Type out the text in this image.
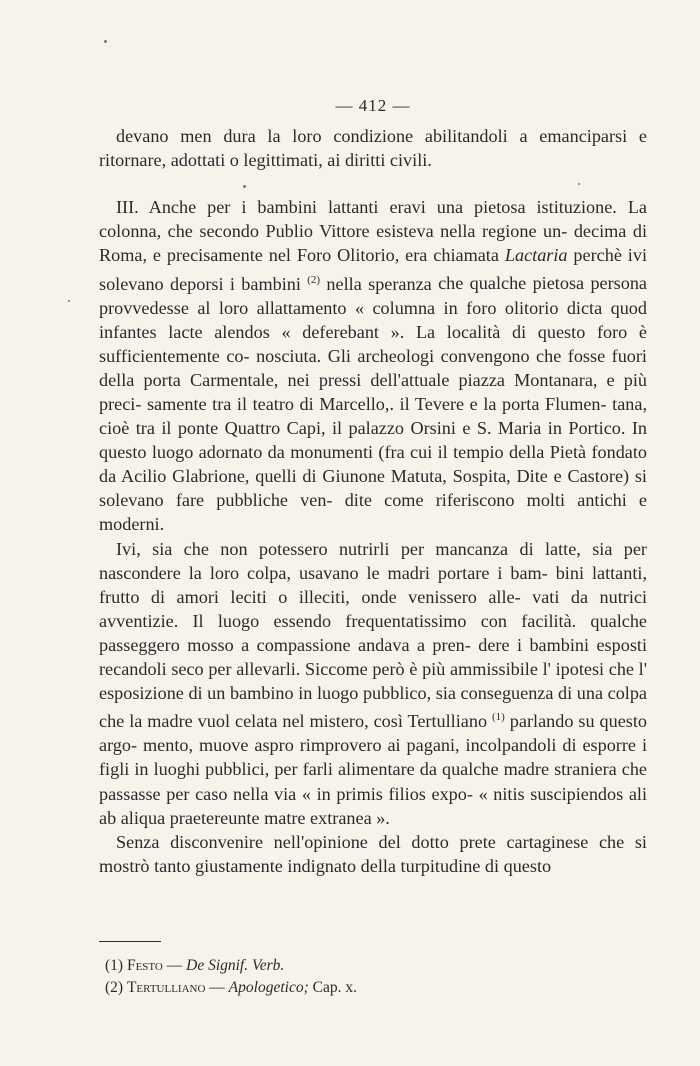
— 412 —

devano men dura la loro condizione abilitandoli a emanciparsi e ritornare, adottati o legittimati, ai diritti civili.

III. Anche per i bambini lattanti eravi una pietosa istituzione. La colonna, che secondo Publio Vittore esisteva nella regione un- decima di Roma, e precisamente nel Foro Olitorio, era chiamata Lactaria perchè ivi solevano deporsi i bambini $^{(2)}$ nella speranza che qualche pietosa persona provvedesse al loro allattamento « columna in foro olitorio dicta quod infantes lacte alendos « deferebant ». La località di questo foro è sufficientemente co- nosciuta. Gli archeologi convengono che fosse fuori della porta Carmentale, nei pressi dell'attuale piazza Montanara, e più preci- samente tra il teatro di Marcello,. il Tevere e la porta Flumen- tana, cioè tra il ponte Quattro Capi, il palazzo Orsini e S. Maria in Portico. In questo luogo adornato da monumenti (fra cui il tempio della Pietà fondato da Acilio Glabrione, quelli di Giunone Matuta, Sospita, Dite e Castore) si solevano fare pubbliche ven- dite come riferiscono molti antichi e moderni.

Ivi, sia che non potessero nutrirli per mancanza di latte, sia per nascondere la loro colpa, usavano le madri portare i bam- bini lattanti, frutto di amori leciti o illeciti, onde venissero alle- vati da nutrici avventizie. Il luogo essendo frequentatissimo con facilità. qualche passeggero mosso a compassione andava a pren- dere i bambini esposti recandoli seco per allevarli. Siccome però è più ammissibile l' ipotesi che l' esposizione di un bambino in luogo pubblico, sia conseguenza di una colpa che la madre vuol celata nel mistero, così Tertulliano $^{(1)}$ parlando su questo argo- mento, muove aspro rimprovero ai pagani, incolpandoli di esporre i figli in luoghi pubblici, per farli alimentare da qualche madre straniera che passasse per caso nella via « in primis filios expo- « nitis suscipiendos ali ab aliqua praetereunte matre extranea ».

Senza disconvenire nell'opinione del dotto prete cartaginese che si mostrò tanto giustamente indignato della turpitudine di questo

(1) Festo — De Signif. Verb.
(2) Tertulliano — Apologetico; Cap. x.
